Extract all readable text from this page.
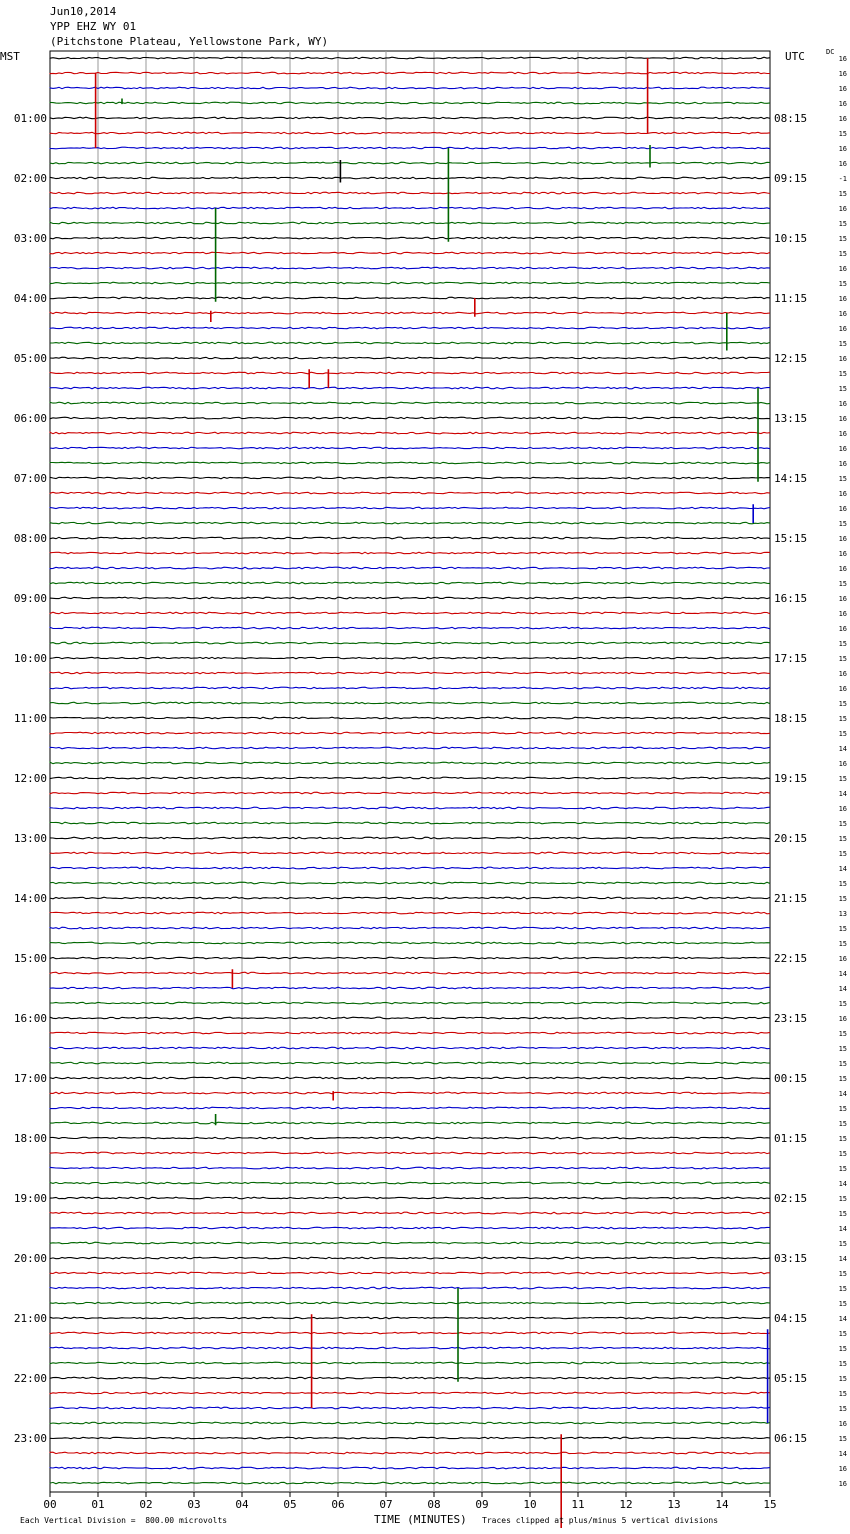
Jun10,2014
YPP EHZ WY 01
(Pitchstone Plateau, Yellowstone Park, WY)
MST	UTC	DC
00	01	02	03	04	05	06	07	08	09	10	11	12	13	14	15
01:00
02:00
03:00
04:00
05:00
06:00
07:00
08:00
09:00
10:00
11:00
12:00
13:00
14:00
15:00
16:00
17:00
18:00
19:00
20:00
21:00
22:00
23:00
08:15
09:15
10:15
11:15
12:15
13:15
14:15
15:15
16:15
17:15
18:15
19:15
20:15
21:15
22:15
23:15
00:15
01:15
02:15
03:15
04:15
05:15
06:15
16
16
16
16
16
15
16
16
-1
15
16
15
15
15
16
15
16
16
16
15
16
15
15
16
16
16
16
16
15
16
16
15
16
16
16
15
16
16
16
15
15
16
16
15
15
15
14
16
15
14
16
15
15
15
14
15
15
13
15
15
16
14
14
15
16
15
15
15
15
14
15
15
15
15
15
14
15
15
14
15
14
15
15
15
14
15
15
15
15
15
15
16
15
14
16
16
Each Vertical Division =  800.00 microvolts	TIME (MINUTES) Traces clipped at plus/minus 5 vertical divisions
